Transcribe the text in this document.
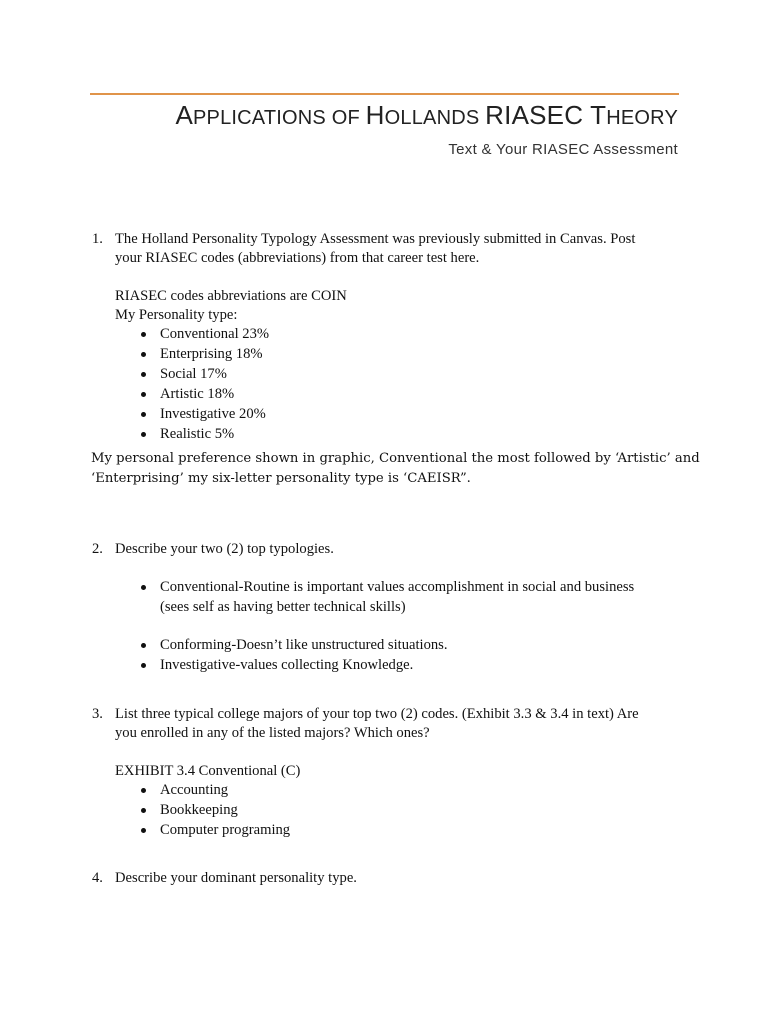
APPLICATIONS OF HOLLANDS RIASEC THEORY
Text & Your RIASEC Assessment
1. The Holland Personality Typology Assessment was previously submitted in Canvas. Post
your RIASEC codes (abbreviations) from that career test here.
RIASEC codes abbreviations are COIN
My Personality type:
Conventional 23%
Enterprising 18%
Social 17%
Artistic 18%
Investigative 20%
Realistic 5%
My personal preference shown in graphic, Conventional the most followed by ‘Artistic’ and
‘Enterprising’ my six-letter personality type is ‘CAEISR”.
2. Describe your two (2) top typologies.
Conventional-Routine is important values accomplishment in social and business
(sees self as having better technical skills)
Conforming-Doesn’t like unstructured situations.
Investigative-values collecting Knowledge.
3. List three typical college majors of your top two (2) codes. (Exhibit 3.3 & 3.4 in text) Are
you enrolled in any of the listed majors? Which ones?
EXHIBIT 3.4 Conventional (C)
Accounting
Bookkeeping
Computer programing
4. Describe your dominant personality type.
